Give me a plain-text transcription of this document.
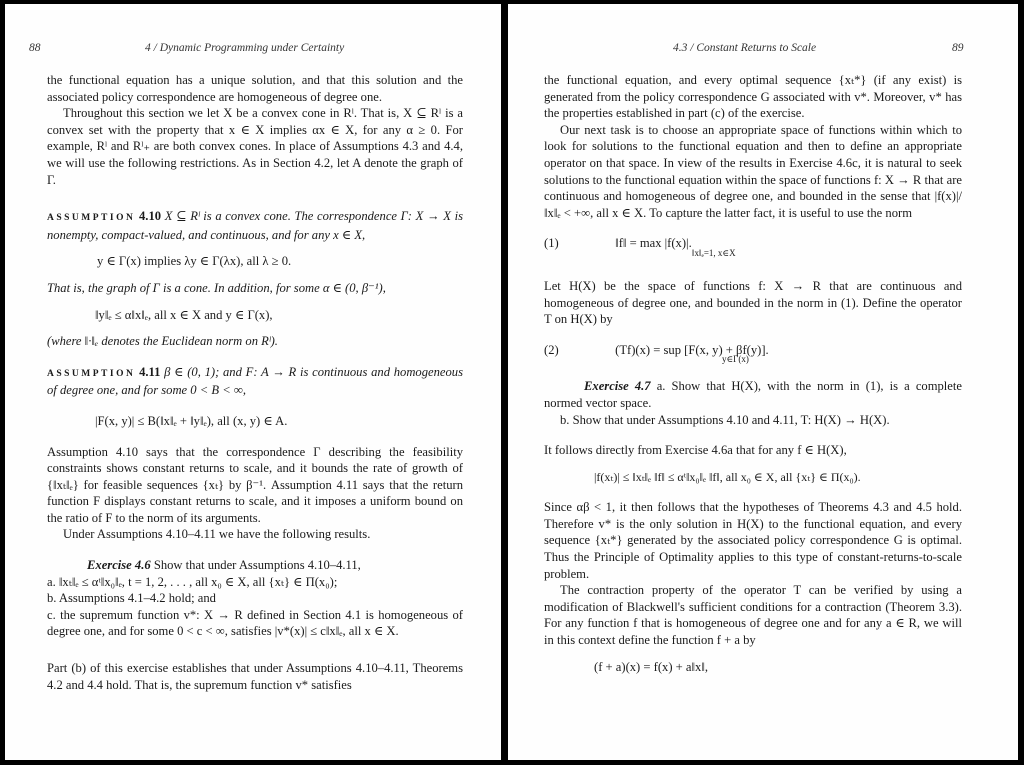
88	4 / Dynamic Programming under Certainty

the functional equation has a unique solution, and that this solution and the associated policy correspondence are homogeneous of degree one.

Throughout this section we let X be a convex cone in Rˡ. That is, X ⊆ Rˡ is a convex set with the property that x ∈ X implies αx ∈ X, for any α ≥ 0. For example, Rˡ and Rˡ₊ are both convex cones. In place of Assumptions 4.3 and 4.4, we will use the following restrictions. As in Section 4.2, let A denote the graph of Γ.

ASSUMPTION 4.10 X ⊆ Rˡ is a convex cone. The correspondence Γ: X → X is nonempty, compact-valued, and continuous, and for any x ∈ X,

y ∈ Γ(x) implies λy ∈ Γ(λx), all λ ≥ 0.

That is, the graph of Γ is a cone. In addition, for some α ∈ (0, β⁻¹),

‖y‖ₑ ≤ α‖x‖ₑ, all x ∈ X and y ∈ Γ(x),

(where ‖·‖ₑ denotes the Euclidean norm on Rˡ).

ASSUMPTION 4.11 β ∈ (0, 1); and F: A → R is continuous and homogeneous of degree one, and for some 0 < B < ∞,

|F(x, y)| ≤ B(‖x‖ₑ + ‖y‖ₑ), all (x, y) ∈ A.

Assumption 4.10 says that the correspondence Γ describing the feasibility constraints shows constant returns to scale, and it bounds the rate of growth of {‖xₜ‖ₑ} for feasible sequences {xₜ} by β⁻¹. Assumption 4.11 says that the return function F displays constant returns to scale, and it imposes a uniform bound on the ratio of F to the norm of its arguments.

Under Assumptions 4.10–4.11 we have the following results.

Exercise 4.6 Show that under Assumptions 4.10–4.11,

a. ‖xₜ‖ₑ ≤ αᵗ‖x₀‖ₑ, t = 1, 2, . . . , all x₀ ∈ X, all {xₜ} ∈ Π(x₀);

b. Assumptions 4.1–4.2 hold; and

c. the supremum function v*: X → R defined in Section 4.1 is homogeneous of degree one, and for some 0 < c < ∞, satisfies |v*(x)| ≤ c‖x‖ₑ, all x ∈ X.

Part (b) of this exercise establishes that under Assumptions 4.10–4.11, Theorems 4.2 and 4.4 hold. That is, the supremum function v* satisfies

4.3 / Constant Returns to Scale	89

the functional equation, and every optimal sequence {xₜ*} (if any exist) is generated from the policy correspondence G associated with v*. Moreover, v* has the properties established in part (c) of the exercise.

Our next task is to choose an appropriate space of functions within which to look for solutions to the functional equation and then to define an appropriate operator on that space. In view of the results in Exercise 4.6c, it is natural to seek solutions to the functional equation within the space of functions f: X → R that are continuous and homogeneous of degree one, and bounded in the sense that |f(x)|/‖x‖ₑ < +∞, all x ∈ X. To capture the latter fact, it is useful to use the norm

(1)	‖f‖ = max |f(x)|.

‖x‖ₑ=1, x∈X

Let H(X) be the space of functions f: X → R that are continuous and homogeneous of degree one, and bounded in the norm in (1). Define the operator T on H(X) by

(2)	(Tf)(x) = sup [F(x, y) + βf(y)].

y∈Γ(x)

Exercise 4.7 a. Show that H(X), with the norm in (1), is a complete normed vector space.

b. Show that under Assumptions 4.10 and 4.11, T: H(X) → H(X).

It follows directly from Exercise 4.6a that for any f ∈ H(X),

|f(xₜ)| ≤ ‖xₜ‖ₑ ‖f‖ ≤ αᵗ‖x₀‖ₑ ‖f‖, all x₀ ∈ X, all {xₜ} ∈ Π(x₀).

Since αβ < 1, it then follows that the hypotheses of Theorems 4.3 and 4.5 hold. Therefore v* is the only solution in H(X) to the functional equation, and every sequence {xₜ*} generated by the associated policy correspondence G is optimal. Thus the Principle of Optimality applies to this type of constant-returns-to-scale problem.

The contraction property of the operator T can be verified by using a modification of Blackwell's sufficient conditions for a contraction (Theorem 3.3). For any function f that is homogeneous of degree one and for any a ∈ R, we will in this context define the function f + a by

(f + a)(x) = f(x) + a‖x‖,
